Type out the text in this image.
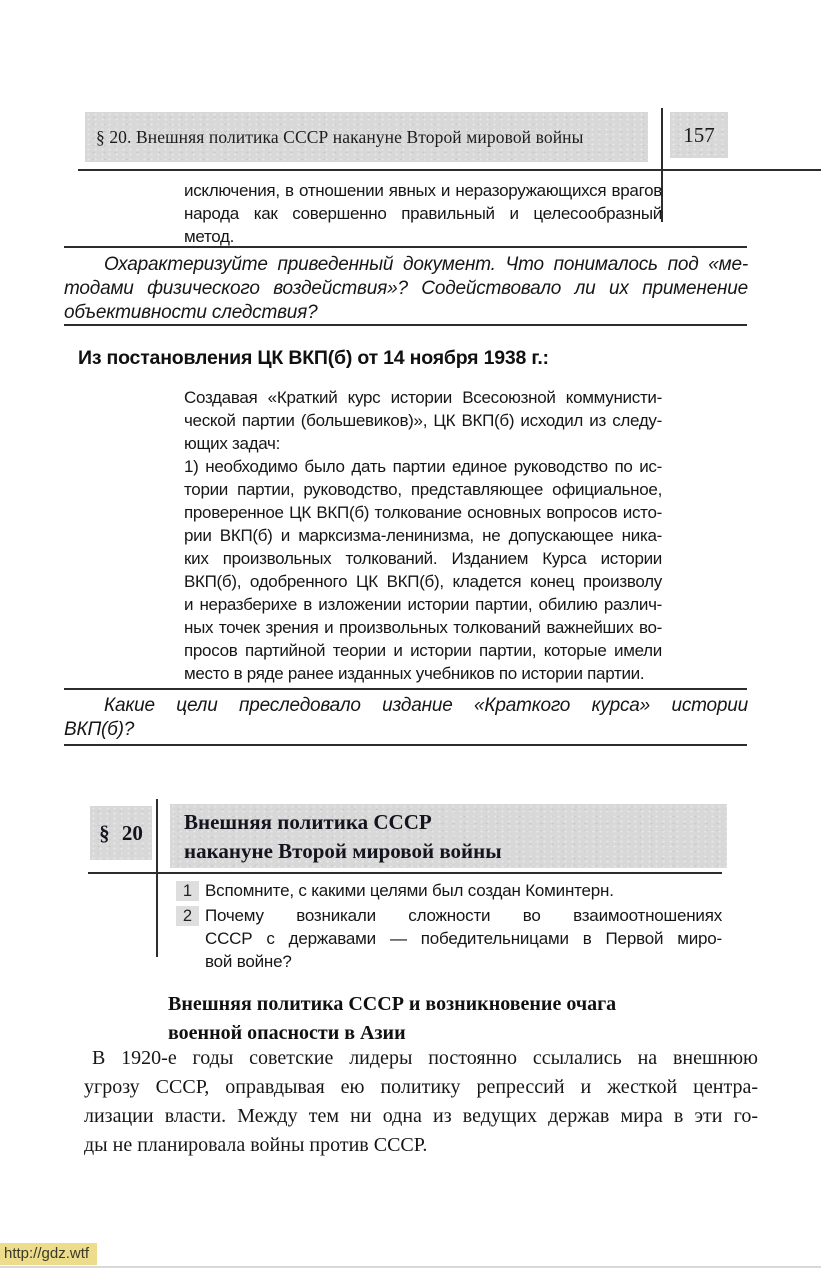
§ 20. Внешняя политика СССР накануне Второй мировой войны	157
исключения, в отношении явных и неразоружающихся врагов
народа как совершенно правильный и целесообразный метод.
Охарактеризуйте приведенный документ. Что понималось под «ме-
тодами физического воздействия»? Содействовало ли их применение
объективности следствия?
Из постановления ЦК ВКП(б) от 14 ноября 1938 г.:
Создавая «Краткий курс истории Всесоюзной коммунисти-
ческой партии (большевиков)», ЦК ВКП(б) исходил из следу-
ющих задач:
1) необходимо было дать партии единое руководство по ис-
тории партии, руководство, представляющее официальное,
проверенное ЦК ВКП(б) толкование основных вопросов исто-
рии ВКП(б) и марксизма-ленинизма, не допускающее ника-
ких произвольных толкований. Изданием Курса истории
ВКП(б), одобренного ЦК ВКП(б), кладется конец произволу
и неразберихе в изложении истории партии, обилию различ-
ных точек зрения и произвольных толкований важнейших во-
просов партийной теории и истории партии, которые имели
место в ряде ранее изданных учебников по истории партии.
Какие цели преследовало издание «Краткого курса» истории
ВКП(б)?
§ 20 Внешняя политика СССР
накануне Второй мировой войны
1 Вспомните, с какими целями был создан Коминтерн.
2 Почему возникали сложности во взаимоотношениях
СССР с державами — победительницами в Первой миро-
вой войне?
Внешняя политика СССР и возникновение очага
военной опасности в Азии
В 1920-е годы советские лидеры постоянно ссылались на внешнюю
угрозу СССР, оправдывая ею политику репрессий и жесткой центра-
лизации власти. Между тем ни одна из ведущих держав мира в эти го-
ды не планировала войны против СССР.
http://gdz.wtf
